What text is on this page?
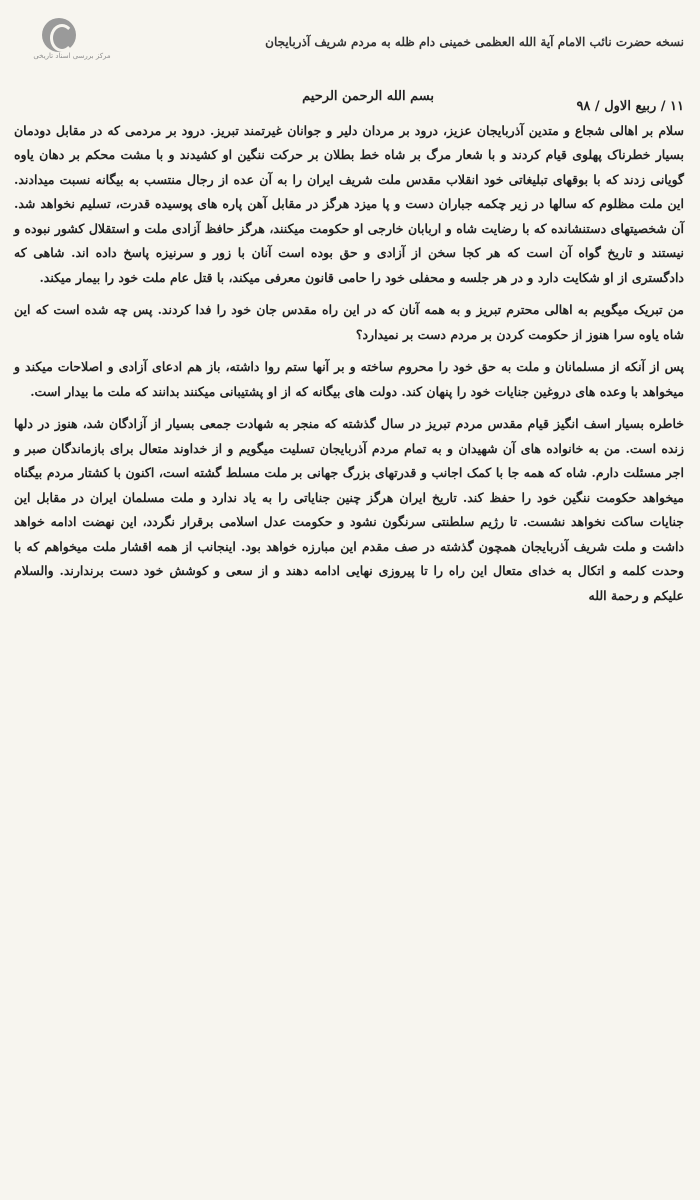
مرکز بررسی اسناد تاریخی

نسخه حضرت نائب الامام آیة الله العظمی خمینی دام ظله به مردم شریف آذربایجان

بسم الله الرحمن الرحیم
۱۱ / ربیع الاول / ۹۸

سلام بر اهالی شجاع و متدین آذربایجان عزیز، درود بر مردان دلیر و جوانان غیرتمند تبریز. درود بر مردمی که در مقابل دودمان بسیار خطرناک پهلوی قیام کردند و با شعار مرگ بر شاه خط بطلان بر حرکت ننگین او کشیدند و با مشت محکم بر دهان یاوه گویانی زدند که با بوقهای تبلیغاتی خود انقلاب مقدس ملت شریف ایران را به آن عده از رجال منتسب به بیگانه نسبت میدادند. این ملت مظلوم که سالها در زیر چکمه جباران دست و پا میزد هرگز در مقابل آهن پاره های پوسیده قدرت، تسلیم نخواهد شد. آن شخصیتهای دستنشانده که با رضایت شاه و اربابان خارجی او حکومت میکنند، هرگز حافظ آزادی ملت و استقلال کشور نبوده و نیستند و تاریخ گواه آن است که هر کجا سخن از آزادی و حق بوده است آنان با زور و سرنیزه پاسخ داده اند. شاهی که دادگستری از او شکایت دارد و در هر جلسه و محفلی خود را حامی قانون معرفی میکند، با قتل عام ملت خود را بیمار میکند.

من تبریک میگویم به اهالی محترم تبریز و به همه آنان که در این راه مقدس جان خود را فدا کردند. پس چه شده است که این شاه یاوه سرا هنوز از حکومت کردن بر مردم دست بر نمیدارد؟

پس از آنکه از مسلمانان و ملت به حق خود را محروم ساخته و بر آنها ستم روا داشته، باز هم ادعای آزادی و اصلاحات میکند و میخواهد با وعده های دروغین جنایات خود را پنهان کند. دولت های بیگانه که از او پشتیبانی میکنند بدانند که ملت ما بیدار است.

خاطره بسیار اسف انگیز قیام مقدس مردم تبریز در سال گذشته که منجر به شهادت جمعی بسیار از آزادگان شد، هنوز در دلها زنده است. من به خانواده های آن شهیدان و به تمام مردم آذربایجان تسلیت میگویم و از خداوند متعال برای بازماندگان صبر و اجر مسئلت دارم. شاه که همه جا با کمک اجانب و قدرتهای بزرگ جهانی بر ملت مسلط گشته است، اکنون با کشتار مردم بیگناه میخواهد حکومت ننگین خود را حفظ کند. تاریخ ایران هرگز چنین جنایاتی را به یاد ندارد و ملت مسلمان ایران در مقابل این جنایات ساکت نخواهد نشست. تا رژیم سلطنتی سرنگون نشود و حکومت عدل اسلامی برقرار نگردد، این نهضت ادامه خواهد داشت و ملت شریف آذربایجان همچون گذشته در صف مقدم این مبارزه خواهد بود. اینجانب از همه اقشار ملت میخواهم که با وحدت کلمه و اتکال به خدای متعال این راه را تا پیروزی نهایی ادامه دهند و از سعی و کوشش خود دست برندارند. والسلام علیکم و رحمة الله
